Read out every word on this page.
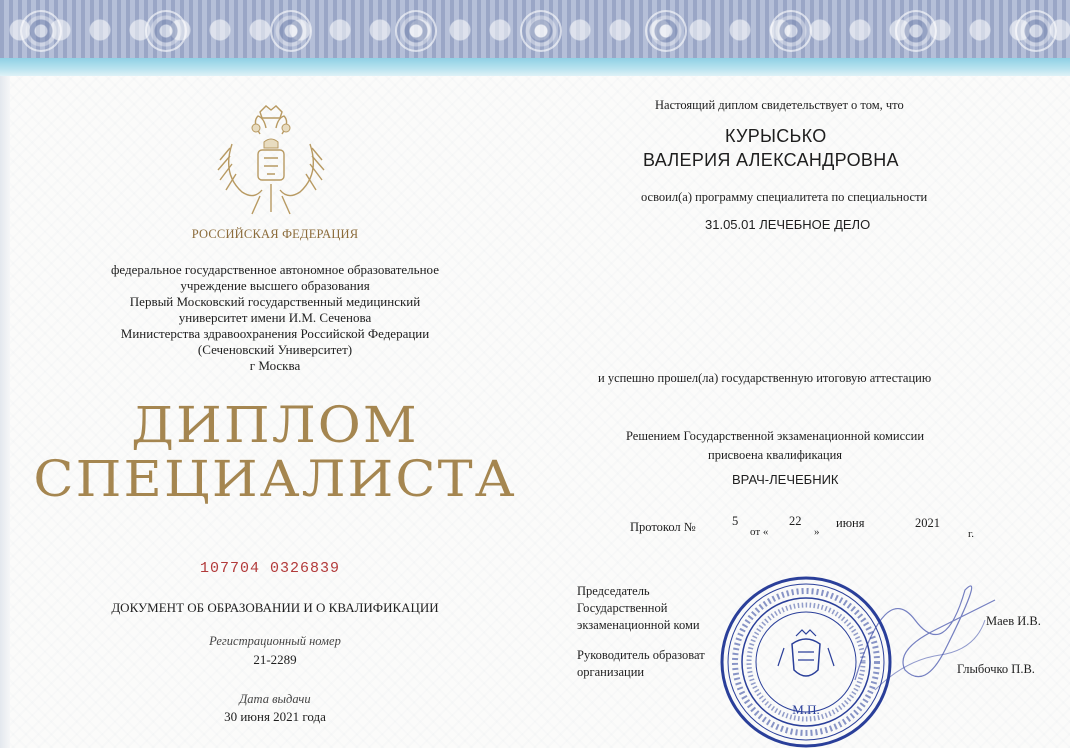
РОССИЙСКАЯ ФЕДЕРАЦИЯ
федеральное государственное автономное образовательное
учреждение высшего образования
Первый Московский государственный медицинский
университет имени И.М. Сеченова
Министерства здравоохранения Российской Федерации
(Сеченовский Университет)
г Москва
ДИПЛОМ
СПЕЦИАЛИСТА
107704 0326839
ДОКУМЕНТ ОБ ОБРАЗОВАНИИ И О КВАЛИФИКАЦИИ
Регистрационный номер
21-2289
Дата выдачи
30 июня 2021 года
Настоящий диплом свидетельствует о том, что
КУРЫСЬКО
ВАЛЕРИЯ АЛЕКСАНДРОВНА
освоил(а) программу специалитета по специальности
31.05.01 ЛЕЧЕБНОЕ ДЕЛО
и успешно прошел(ла) государственную итоговую аттестацию
Решением Государственной экзаменационной комиссии
присвоена квалификация
ВРАЧ-ЛЕЧЕБНИК
Протокол №	5
от «
22
»
июня	2021
г.
Председатель
Государственной
экзаменационной коми	Маев И.В.
Руководитель образоват
организации	Глыбочко П.В.
М.П.
